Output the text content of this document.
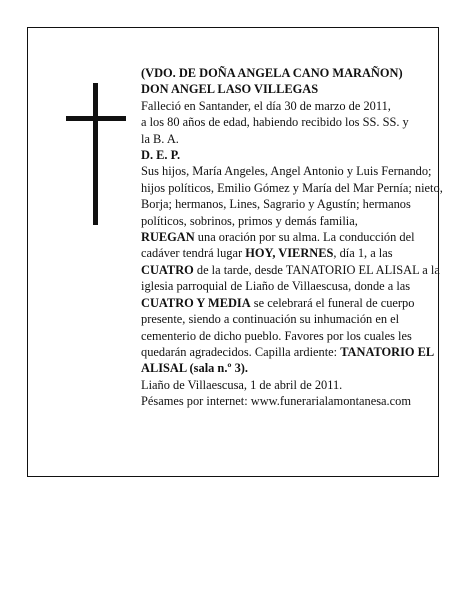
(VDO. DE DOÑA ANGELA CANO MARAÑON)

DON ANGEL LASO VILLEGAS

Falleció en Santander, el día 30 de marzo de 2011,

a los 80 años de edad, habiendo recibido los SS. SS. y

la B. A.

D. E. P.

Sus hijos, María Angeles, Angel Antonio y Luis Fernando; hijos políticos, Emilio Gómez y María del Mar Pernía; nieto, Borja; hermanos, Lines, Sagrario y Agustín; hermanos políticos, sobrinos, primos y demás familia,

RUEGAN una oración por su alma. La conducción del cadáver tendrá lugar HOY, VIERNES, día 1, a las CUATRO de la tarde, desde TANATORIO EL ALISAL a la iglesia parroquial de Liaño de Villaescusa, donde a las CUATRO Y MEDIA se celebrará el funeral de cuerpo presente, siendo a continuación su inhumación en el cementerio de dicho pueblo. Favores por los cuales les quedarán agradecidos. Capilla ardiente: TANATORIO EL ALISAL (sala n.º 3).

Liaño de Villaescusa, 1 de abril de 2011.

Pésames por internet: www.funerarialamontanesa.com
